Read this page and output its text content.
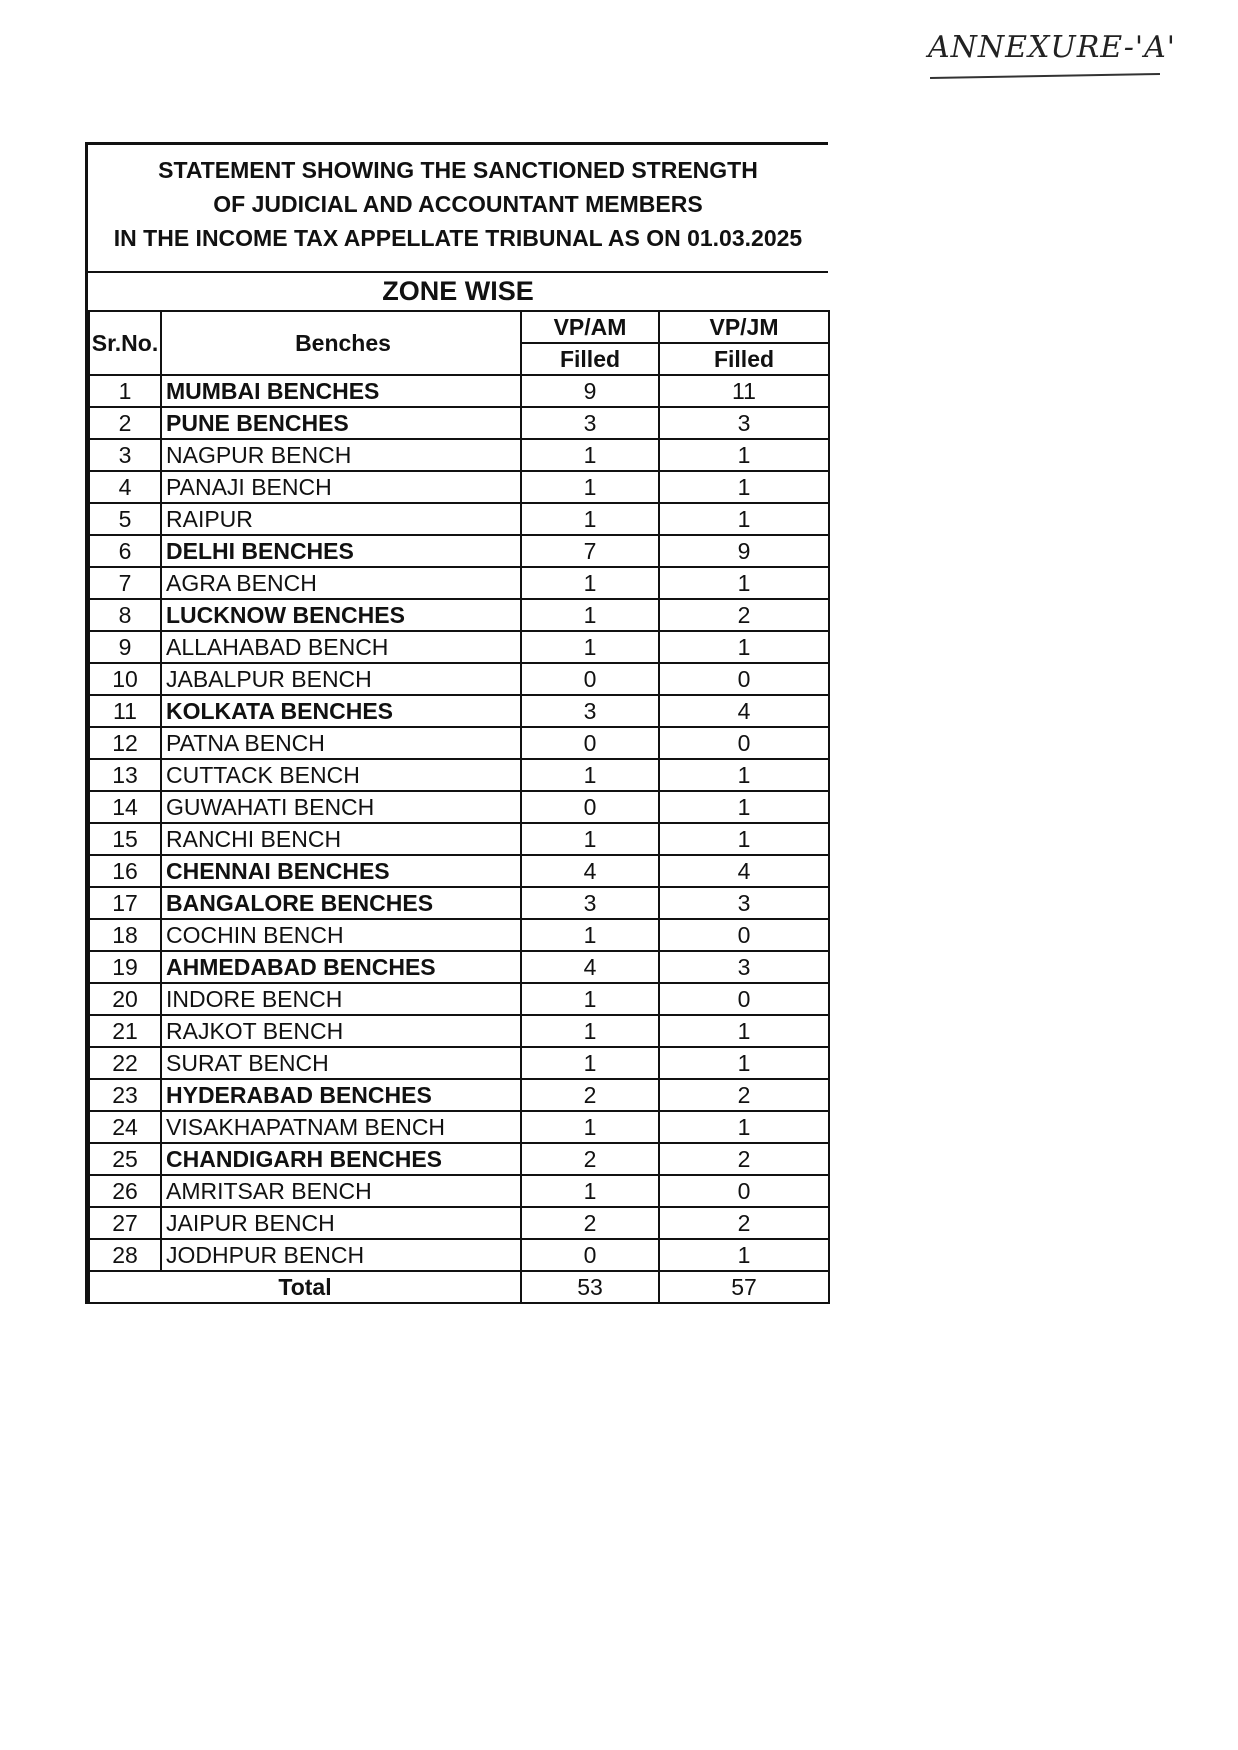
ANNEXURE-'A'
STATEMENT SHOWING THE SANCTIONED STRENGTH
OF JUDICIAL AND ACCOUNTANT MEMBERS
IN THE INCOME TAX APPELLATE TRIBUNAL AS ON 01.03.2025
ZONE WISE
Sr.No.	Benches	VP/AM	VP/JM
		Filled	Filled
1	MUMBAI BENCHES	9	11
2	PUNE BENCHES	3	3
3	NAGPUR BENCH	1	1
4	PANAJI BENCH	1	1
5	RAIPUR	1	1
6	DELHI BENCHES	7	9
7	AGRA BENCH	1	1
8	LUCKNOW BENCHES	1	2
9	ALLAHABAD BENCH	1	1
10	JABALPUR BENCH	0	0
11	KOLKATA BENCHES	3	4
12	PATNA BENCH	0	0
13	CUTTACK BENCH	1	1
14	GUWAHATI BENCH	0	1
15	RANCHI BENCH	1	1
16	CHENNAI BENCHES	4	4
17	BANGALORE BENCHES	3	3
18	COCHIN BENCH	1	0
19	AHMEDABAD BENCHES	4	3
20	INDORE BENCH	1	0
21	RAJKOT BENCH	1	1
22	SURAT BENCH	1	1
23	HYDERABAD BENCHES	2	2
24	VISAKHAPATNAM BENCH	1	1
25	CHANDIGARH BENCHES	2	2
26	AMRITSAR BENCH	1	0
27	JAIPUR BENCH	2	2
28	JODHPUR BENCH	0	1
Total		53	57
